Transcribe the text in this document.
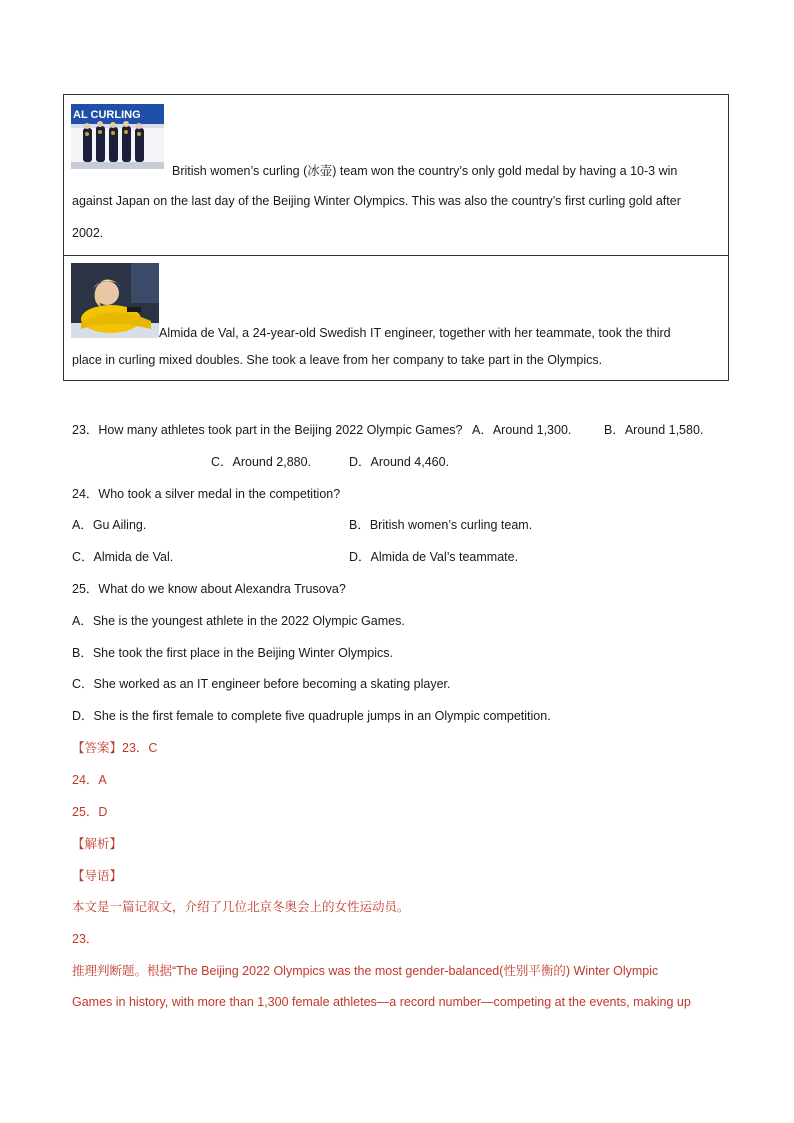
AL CURLING
British women’s curling (冰壶) team won the country’s only gold medal by having a 10-3 win
against Japan on the last day of the Beijing Winter Olympics. This was also the country’s first curling gold after
2002.
Almida de Val, a 24-year-old Swedish IT engineer, together with her teammate, took the third
place in curling mixed doubles. She took a leave from her company to take part in the Olympics.
23．How many athletes took part in the Beijing 2022 Olympic Games? A．Around 1,300.	B．Around 1,580.
C．Around 2,880.	D．Around 4,460.
24．Who took a silver medal in the competition?
A．Gu Ailing.	B．British women’s curling team.
C．Almida de Val.	D．Almida de Val’s teammate.
25．What do we know about Alexandra Trusova?
A．She is the youngest athlete in the 2022 Olympic Games.
B．She took the first place in the Beijing Winter Olympics.
C．She worked as an IT engineer before becoming a skating player.
D．She is the first female to complete five quadruple jumps in an Olympic competition.
【答案】23．C
24．A
25．D
【解析】
【导语】
本文是一篇记叙文，介绍了几位北京冬奥会上的女性运动员。
23．
推理判断题。根据“The Beijing 2022 Olympics was the most gender-balanced(性别平衡的) Winter Olympic
Games in history, with more than 1,300 female athletes—a record number—competing at the events, making up
